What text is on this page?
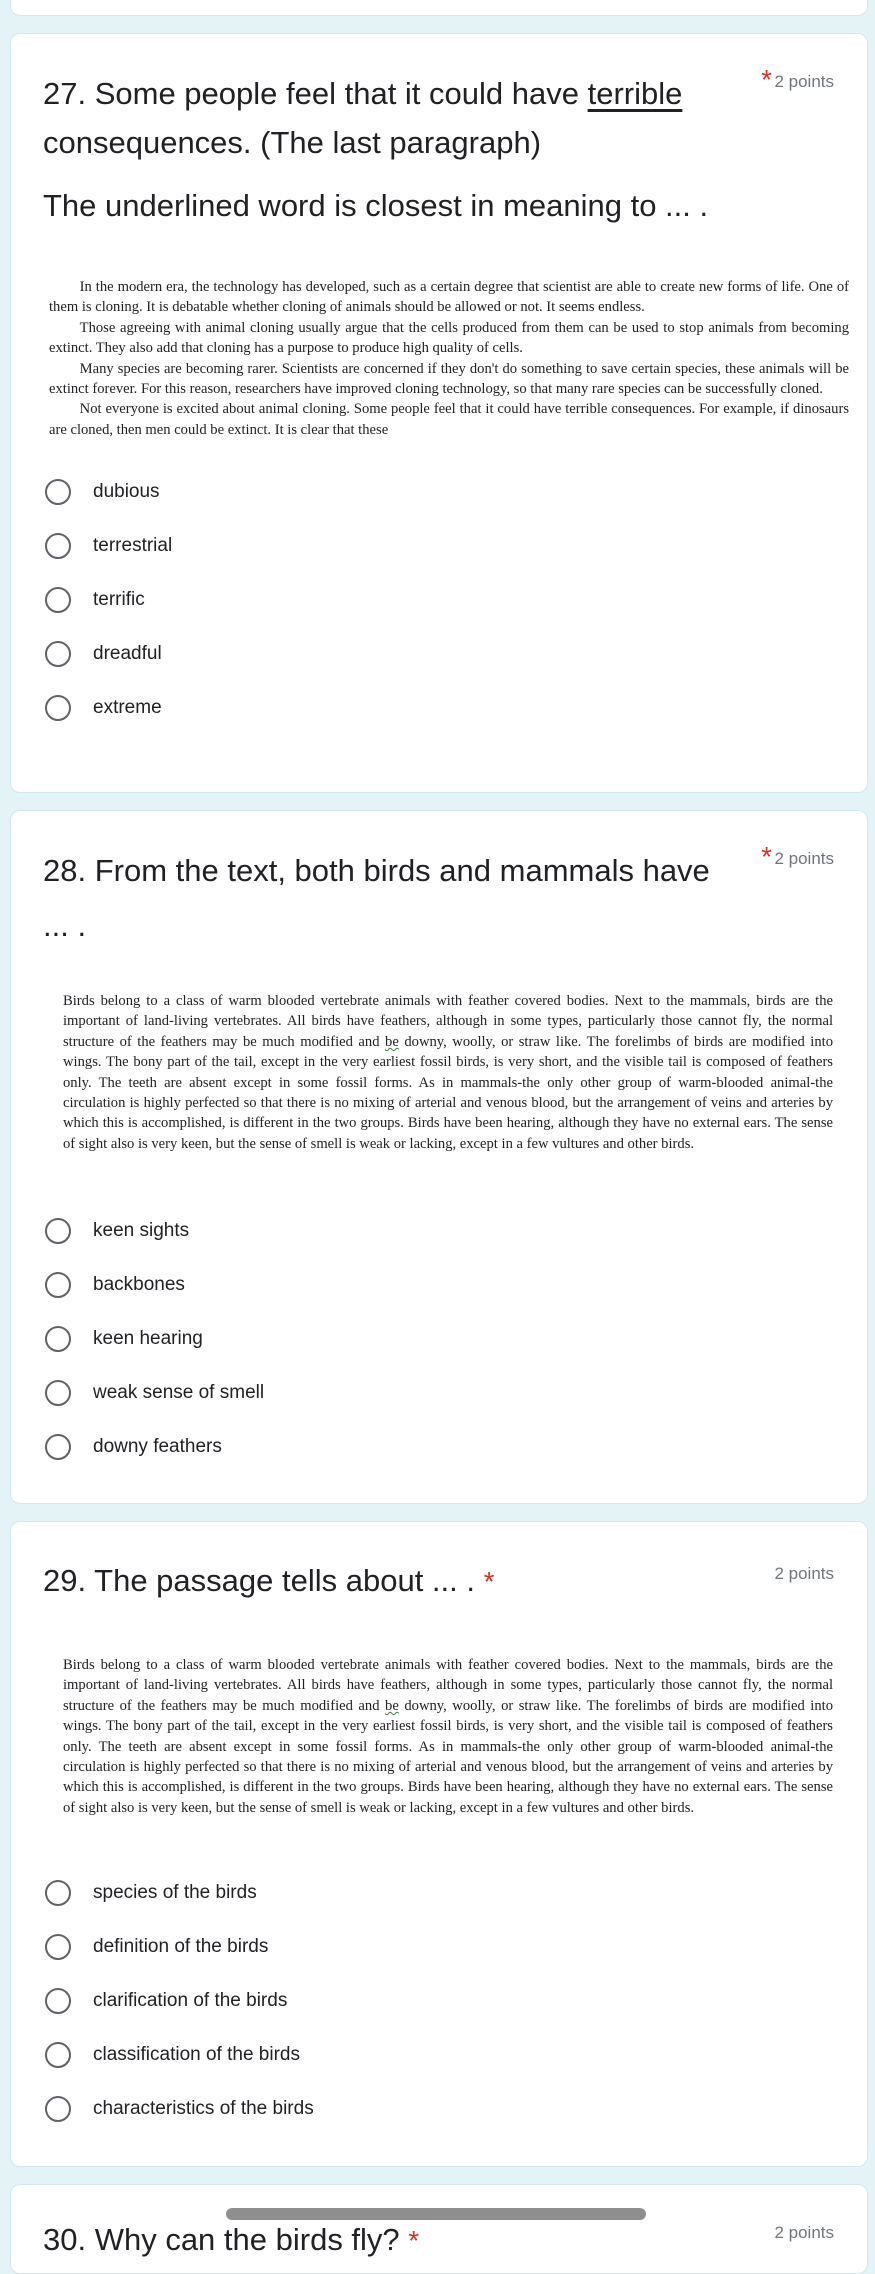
* 2 points
27. Some people feel that it could have terrible consequences. (The last paragraph)
The underlined word is closest in meaning to ... .

In the modern era, the technology has developed, such as a certain degree that scientist are able to create new forms of life. One of them is cloning. It is debatable whether cloning of animals should be allowed or not. It seems endless.

Those agreeing with animal cloning usually argue that the cells produced from them can be used to stop animals from becoming extinct. They also add that cloning has a purpose to produce high quality of cells.

Many species are becoming rarer. Scientists are concerned if they don't do something to save certain species, these animals will be extinct forever. For this reason, researchers have improved cloning technology, so that many rare species can be successfully cloned.

Not everyone is excited about animal cloning. Some people feel that it could have terrible consequences. For example, if dinosaurs are cloned, then men could be extinct. It is clear that these

dubious
terrestrial
terrific
dreadful
extreme
* 2 points
28. From the text, both birds and mammals have ... .

Birds belong to a class of warm blooded vertebrate animals with feather covered bodies. Next to the mammals, birds are the important of land-living vertebrates. All birds have feathers, although in some types, particularly those cannot fly, the normal structure of the feathers may be much modified and be downy, woolly, or straw like. The forelimbs of birds are modified into wings. The bony part of the tail, except in the very earliest fossil birds, is very short, and the visible tail is composed of feathers only. The teeth are absent except in some fossil forms. As in mammals-the only other group of warm-blooded animal-the circulation is highly perfected so that there is no mixing of arterial and venous blood, but the arrangement of veins and arteries by which this is accomplished, is different in the two groups. Birds have been hearing, although they have no external ears. The sense of sight also is very keen, but the sense of smell is weak or lacking, except in a few vultures and other birds.

keen sights
backbones
keen hearing
weak sense of smell
downy feathers
2 points
29. The passage tells about ... . *

Birds belong to a class of warm blooded vertebrate animals with feather covered bodies. Next to the mammals, birds are the important of land-living vertebrates. All birds have feathers, although in some types, particularly those cannot fly, the normal structure of the feathers may be much modified and be downy, woolly, or straw like. The forelimbs of birds are modified into wings. The bony part of the tail, except in the very earliest fossil birds, is very short, and the visible tail is composed of feathers only. The teeth are absent except in some fossil forms. As in mammals-the only other group of warm-blooded animal-the circulation is highly perfected so that there is no mixing of arterial and venous blood, but the arrangement of veins and arteries by which this is accomplished, is different in the two groups. Birds have been hearing, although they have no external ears. The sense of sight also is very keen, but the sense of smell is weak or lacking, except in a few vultures and other birds.

species of the birds
definition of the birds
clarification of the birds
classification of the birds
characteristics of the birds
2 points
30. Why can the birds fly? *
